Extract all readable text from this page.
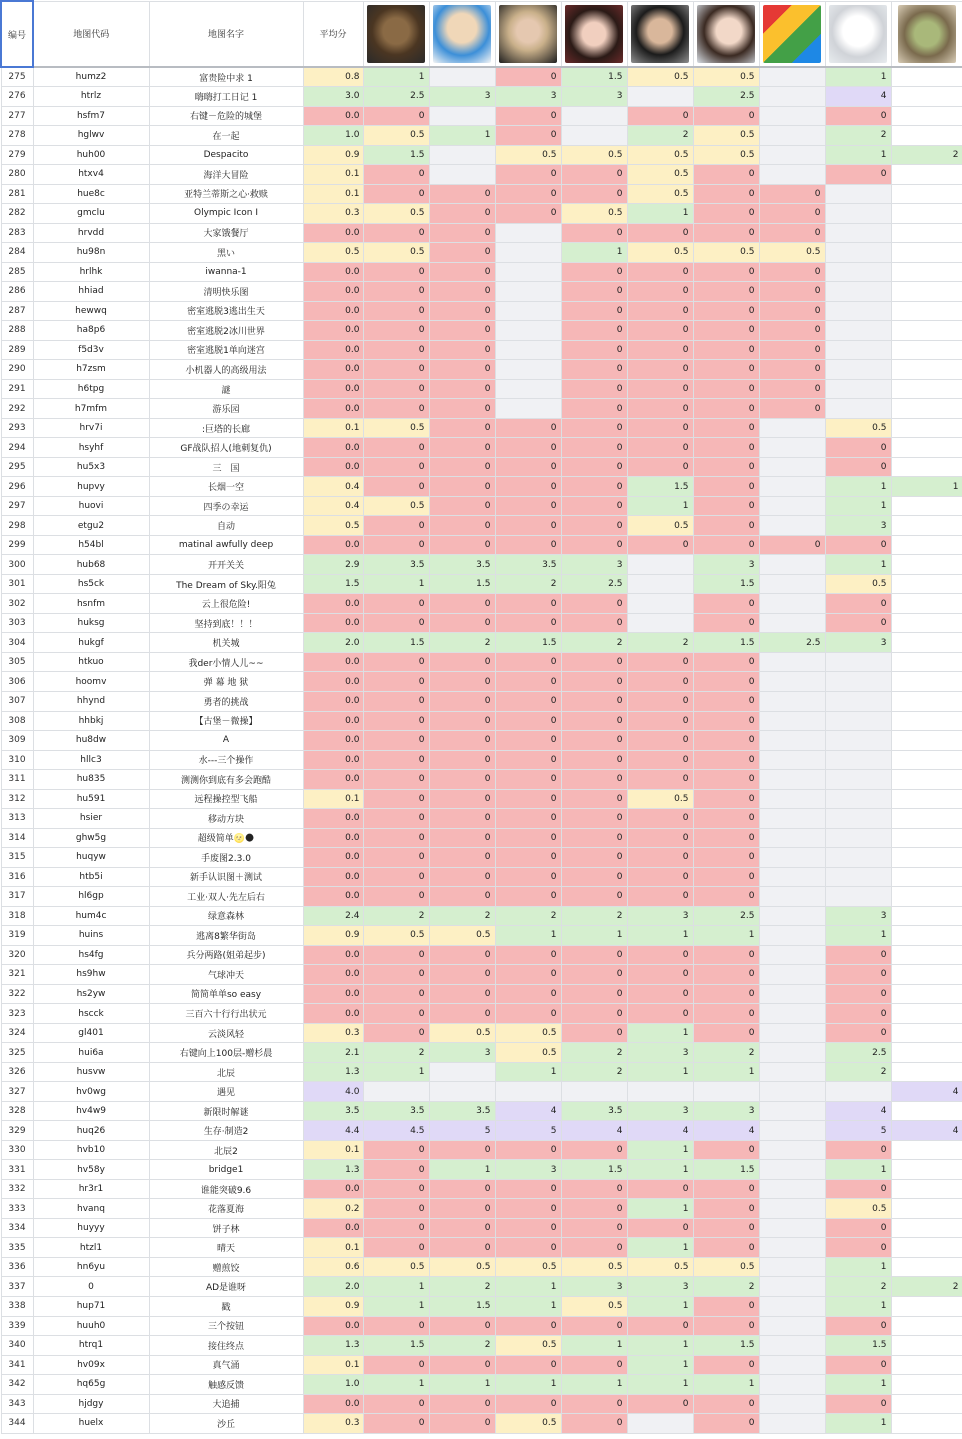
编号	地图代码	地图名字	平均分	

275	humz2	富贵险中求 1	0.8	1		0	1.5	0.5	0.5		1	
276	htrlz	嗨嗨打工日记 1	3.0	2.5	3	3	3		2.5		4	
277	hsfm7	右键－危险的城堡	0.0	0		0		0	0		0	
278	hglwv	在一起	1.0	0.5	1	0		2	0.5		2	
279	huh00	Despacito	0.9	1.5		0.5	0.5	0.5	0.5		1	2
280	htxv4	海洋大冒险	0.1	0		0	0	0.5	0		0	
281	hue8c	亚特兰蒂斯之心·救赎	0.1	0	0	0	0	0.5	0	0		
282	gmclu	Olympic Icon I	0.3	0.5	0	0	0.5	1	0	0		
283	hrvdd	大家饿餐厅	0.0	0	0		0	0	0	0		
284	hu98n	黑い	0.5	0.5	0		1	0.5	0.5	0.5		
285	hrlhk	iwanna-1	0.0	0	0		0	0	0	0		
286	hhiad	清明快乐图	0.0	0	0		0	0	0	0		
287	hewwq	密室逃脱3逃出生天	0.0	0	0		0	0	0	0		
288	ha8p6	密室逃脱2冰川世界	0.0	0	0		0	0	0	0		
289	f5d3v	密室逃脱1单向迷宫	0.0	0	0		0	0	0	0		
290	h7zsm	小机器人的高级用法	0.0	0	0		0	0	0	0		
291	h6tpg	謎	0.0	0	0		0	0	0	0		
292	h7mfm	游乐园	0.0	0	0		0	0	0	0		
293	hrv7i	:巨塔的长廊	0.1	0.5	0	0	0	0	0		0.5	
294	hsyhf	GF战队招人(地刺复仇)	0.0	0	0	0	0	0	0		0	
295	hu5x3	三　国	0.0	0	0	0	0	0	0		0	
296	hupvy	长烟一空	0.4	0	0	0	0	1.5	0		1	1
297	huovi	四季の幸运	0.4	0.5	0	0	0	1	0		1	
298	etgu2	自动	0.5	0	0	0	0	0.5	0		3	
299	h54bl	matinal awfully deep	0.0	0	0	0	0	0	0	0	0	
300	hub68	开开关关	2.9	3.5	3.5	3.5	3		3		1	
301	hs5ck	The Dream of Sky.阳兔	1.5	1	1.5	2	2.5		1.5		0.5	
302	hsnfm	云上很危险!	0.0	0	0	0	0		0		0	
303	huksg	坚持到底！！！	0.0	0	0	0	0		0		0	
304	hukgf	机关城	2.0	1.5	2	1.5	2	2	1.5	2.5	3	
305	htkuo	我der小情人儿~~	0.0	0	0	0	0	0	0			
306	hoomv	弹 幕 地 狱	0.0	0	0	0	0	0	0			
307	hhynd	勇者的挑战	0.0	0	0	0	0	0	0			
308	hhbkj	【古堡－微操】	0.0	0	0	0	0	0	0			
309	hu8dw	A	0.0	0	0	0	0	0	0			
310	hllc3	水---三个操作	0.0	0	0	0	0	0	0			
311	hu835	测测你到底有多会跑酷	0.0	0	0	0	0	0	0			
312	hu591	远程操控型飞船	0.1	0	0	0	0	0.5	0			
313	hsier	移动方块	0.0	0	0	0	0	0	0			
314	ghw5g	超级简单🌝🌑	0.0	0	0	0	0	0	0			
315	huqyw	手废图2.3.0	0.0	0	0	0	0	0	0			
316	htb5i	新手认识图＋测试	0.0	0	0	0	0	0	0			
317	hl6gp	工业·双人·先左后右	0.0	0	0	0	0	0	0			
318	hum4c	绿意森林	2.4	2	2	2	2	3	2.5		3	
319	huins	逃离8繁华街岛	0.9	0.5	0.5	1	1	1	1		1	
320	hs4fg	兵分两路(姐弟起步)	0.0	0	0	0	0	0	0		0	
321	hs9hw	气球冲天	0.0	0	0	0	0	0	0		0	
322	hs2yw	简简单单so easy	0.0	0	0	0	0	0	0		0	
323	hscck	三百六十行行出状元	0.0	0	0	0	0	0	0		0	
324	gl401	云淡风轻	0.3	0	0.5	0.5	0	1	0		0	
325	hui6a	右键向上100层-赠杉晨	2.1	2	3	0.5	2	3	2		2.5	
326	husvw	北辰	1.3	1		1	2	1	1		2	
327	hv0wg	遇见	4.0									4
328	hv4w9	新限时解谜	3.5	3.5	3.5	4	3.5	3	3		4	
329	huq26	生存·制造2	4.4	4.5	5	5	4	4	4		5	4
330	hvb10	北辰2	0.1	0	0	0	0	1	0		0	
331	hv58y	bridge1	1.3	0	1	3	1.5	1	1.5		1	
332	hr3r1	谁能突破9.6	0.0	0	0	0	0	0	0		0	
333	hvanq	花落夏海	0.2	0	0	0	0	1	0		0.5	
334	huyyy	饼子林	0.0	0	0	0	0	0	0		0	
335	htzl1	晴天	0.1	0	0	0	0	1	0		0	
336	hn6yu	赠煎饺	0.6	0.5	0.5	0.5	0.5	0.5	0.5		1	
337	0	AD是谁呀	2.0	1	2	1	3	3	2		2	2
338	hup71	戳	0.9	1	1.5	1	0.5	1	0		1	
339	huuh0	三个按钮	0.0	0	0	0	0	0	0		0	
340	htrq1	接住终点	1.3	1.5	2	0.5	1	1	1.5		1.5	
341	hv09x	真气涌	0.1	0	0	0	0	1	0		0	
342	hq65g	触感反馈	1.0	1	1	1	1	1	1		1	
343	hjdgy	大追捕	0.0	0	0	0	0	0	0		0	
344	huelx	沙丘	0.3	0	0	0.5	0		0		1	
